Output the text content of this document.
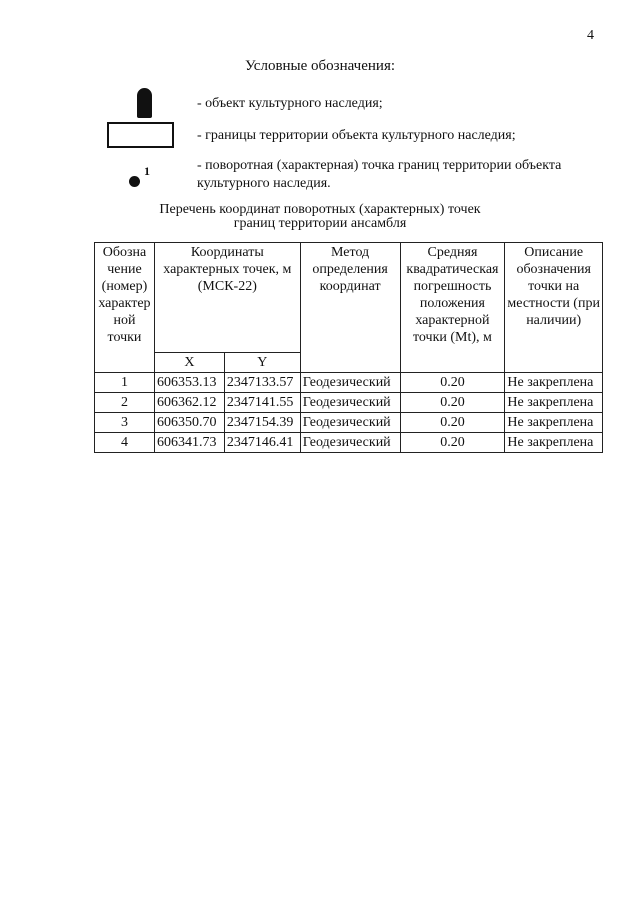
4
Условные обозначения:
- объект культурного наследия;
- границы территории объекта культурного наследия;
1	- поворотная (характерная) точка границ территории объекта культурного наследия.
Перечень координат поворотных (характерных) точек
границ территории ансамбля
Обозна чение (номер) характер ной точки	Координаты характерных точек, м (МСК-22)		Метод определения координат	Средняя квадратическая погрешность положения характерной точки (Mt), м	Описание обозначения точки на местности (при наличии)
	X	Y			
1	606353.13	2347133.57	Геодезический	0.20	Не закреплена
2	606362.12	2347141.55	Геодезический	0.20	Не закреплена
3	606350.70	2347154.39	Геодезический	0.20	Не закреплена
4	606341.73	2347146.41	Геодезический	0.20	Не закреплена
